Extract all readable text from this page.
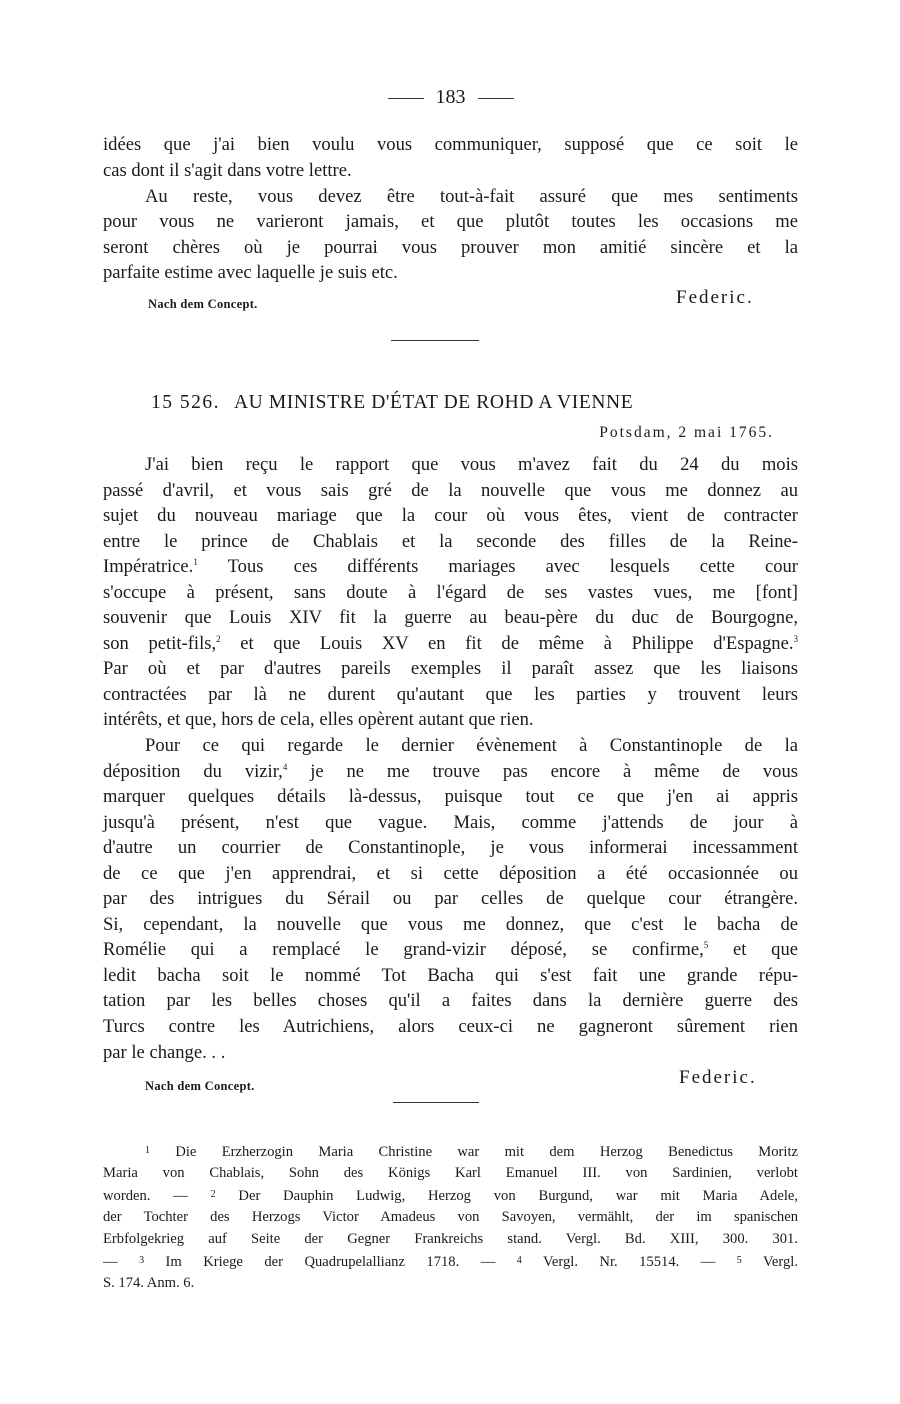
183
idées que j'ai bien voulu vous communiquer, supposé que ce soit le
cas dont il s'agit dans votre lettre.
Au reste, vous devez être tout-à-fait assuré que mes sentiments
pour vous ne varieront jamais, et que plutôt toutes les occasions me
seront chères où je pourrai vous prouver mon amitié sincère et la
parfaite estime avec laquelle je suis etc.
Nach dem Concept.	Federic.
15 526. AU MINISTRE D'ÉTAT DE ROHD A VIENNE
Potsdam, 2 mai 1765.
J'ai bien reçu le rapport que vous m'avez fait du 24 du mois
passé d'avril, et vous sais gré de la nouvelle que vous me donnez au
sujet du nouveau mariage que la cour où vous êtes, vient de contracter
entre le prince de Chablais et la seconde des filles de la Reine-
Impératrice.$^1$ Tous ces différents mariages avec lesquels cette cour
s'occupe à présent, sans doute à l'égard de ses vastes vues, me [font]
souvenir que Louis XIV fit la guerre au beau-père du duc de Bourgogne,
son petit-fils,$^2$ et que Louis XV en fit de même à Philippe d'Espagne.$^3$
Par où et par d'autres pareils exemples il paraît assez que les liaisons
contractées par là ne durent qu'autant que les parties y trouvent leurs
intérêts, et que, hors de cela, elles opèrent autant que rien.
Pour ce qui regarde le dernier évènement à Constantinople de la
déposition du vizir,$^4$ je ne me trouve pas encore à même de vous
marquer quelques détails là-dessus, puisque tout ce que j'en ai appris
jusqu'à présent, n'est que vague. Mais, comme j'attends de jour à
d'autre un courrier de Constantinople, je vous informerai incessamment
de ce que j'en apprendrai, et si cette déposition a été occasionnée ou
par des intrigues du Sérail ou par celles de quelque cour étrangère.
Si, cependant, la nouvelle que vous me donnez, que c'est le bacha de
Romélie qui a remplacé le grand-vizir déposé, se confirme,$^5$ et que
ledit bacha soit le nommé Tot Bacha qui s'est fait une grande répu-
tation par les belles choses qu'il a faites dans la dernière guerre des
Turcs contre les Autrichiens, alors ceux-ci ne gagneront sûrement rien
par le change. . .
Nach dem Concept.	Federic.
$^1$ Die Erzherzogin Maria Christine war mit dem Herzog Benedictus Moritz
Maria von Chablais, Sohn des Königs Karl Emanuel III. von Sardinien, verlobt
worden. — $^2$ Der Dauphin Ludwig, Herzog von Burgund, war mit Maria Adele,
der Tochter des Herzogs Victor Amadeus von Savoyen, vermählt, der im spanischen
Erbfolgekrieg auf Seite der Gegner Frankreichs stand. Vergl. Bd. XIII, 300. 301.
— $^3$ Im Kriege der Quadrupelallianz 1718. — $^4$ Vergl. Nr. 15514. — $^5$ Vergl.
S. 174. Anm. 6.
